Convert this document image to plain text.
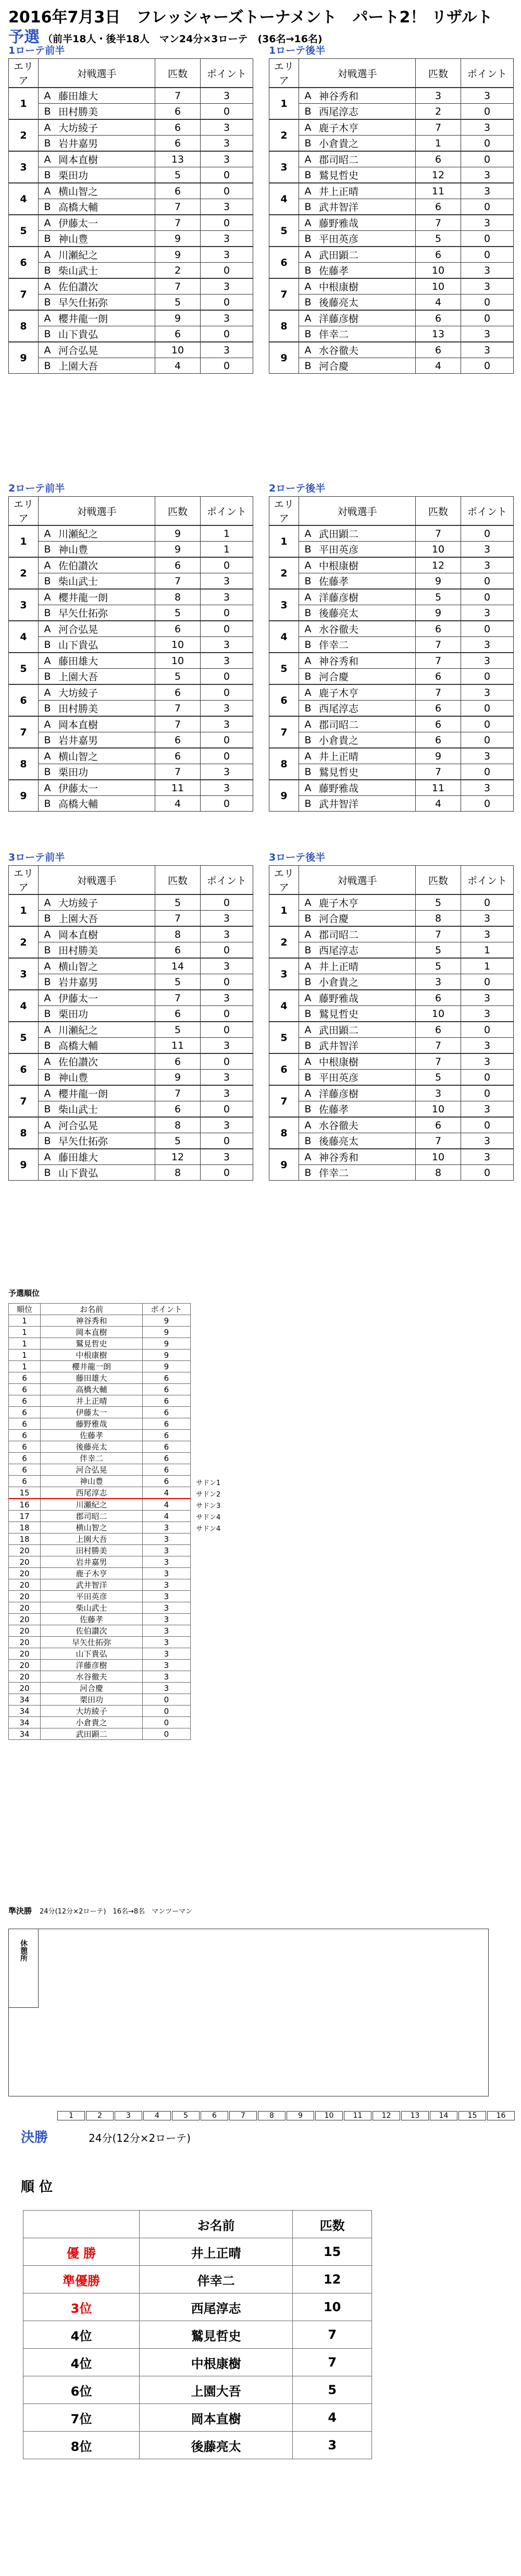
2016年7月3日　フレッシャーズトーナメント　パート2！ リザルト
予選 （前半18人・後半18人　マン24分×3ローテ　(36名→16名)
1ローテ前半
エリア	対戦選手		匹数	ポイント
1	A	藤田雄大	7	3
	B	田村勝美	6	0
2	A	大坊綾子	6	3
	B	岩井嘉男	6	3
3	A	岡本直樹	13	3
	B	栗田功	5	0
4	A	横山智之	6	0
	B	高橋大輔	7	3
5	A	伊藤太一	7	0
	B	神山豊	9	3
6	A	川瀬紀之	9	3
	B	柴山武士	2	0
7	A	佐伯讃次	7	3
	B	早矢仕拓弥	5	0
8	A	櫻井龍一朗	9	3
	B	山下貴弘	6	0
9	A	河合弘晃	10	3
	B	上園大吾	4	0
1ローテ後半
エリア	対戦選手		匹数	ポイント
1	A	神谷秀和	3	3
	B	西尾淳志	2	0
2	A	鹿子木亨	7	3
	B	小倉貴之	1	0
3	A	郡司昭二	6	0
	B	鷲見哲史	12	3
4	A	井上正晴	11	3
	B	武井智洋	6	0
5	A	藤野雅哉	7	3
	B	平田英彦	5	0
6	A	武田顕二	6	0
	B	佐藤孝	10	3
7	A	中根康樹	10	3
	B	後藤亮太	4	0
8	A	洋藤彦樹	6	0
	B	伴幸二	13	3
9	A	水谷徹夫	6	3
	B	河合慶	4	0
2ローテ前半
エリア	対戦選手		匹数	ポイント
1	A	川瀬紀之	9	1
	B	神山豊	9	1
2	A	佐伯讃次	6	0
	B	柴山武士	7	3
3	A	櫻井龍一朗	8	3
	B	早矢仕拓弥	5	0
4	A	河合弘晃	6	0
	B	山下貴弘	10	3
5	A	藤田雄大	10	3
	B	上園大吾	5	0
6	A	大坊綾子	6	0
	B	田村勝美	7	3
7	A	岡本直樹	7	3
	B	岩井嘉男	6	0
8	A	横山智之	6	0
	B	栗田功	7	3
9	A	伊藤太一	11	3
	B	高橋大輔	4	0
2ローテ後半
エリア	対戦選手		匹数	ポイント
1	A	武田顕二	7	0
	B	平田英彦	10	3
2	A	中根康樹	12	3
	B	佐藤孝	9	0
3	A	洋藤彦樹	5	0
	B	後藤亮太	9	3
4	A	水谷徹夫	6	0
	B	伴幸二	7	3
5	A	神谷秀和	7	3
	B	河合慶	6	0
6	A	鹿子木亨	7	3
	B	西尾淳志	6	0
7	A	郡司昭二	6	0
	B	小倉貴之	6	0
8	A	井上正晴	9	3
	B	鷲見哲史	7	0
9	A	藤野雅哉	11	3
	B	武井智洋	4	0
3ローテ前半
エリア	対戦選手		匹数	ポイント
1	A	大坊綾子	5	0
	B	上園大吾	7	3
2	A	岡本直樹	8	3
	B	田村勝美	6	0
3	A	横山智之	14	3
	B	岩井嘉男	5	0
4	A	伊藤太一	7	3
	B	栗田功	6	0
5	A	川瀬紀之	5	0
	B	高橋大輔	11	3
6	A	佐伯讃次	6	0
	B	神山豊	9	3
7	A	櫻井龍一朗	7	3
	B	柴山武士	6	0
8	A	河合弘晃	8	3
	B	早矢仕拓弥	5	0
9	A	藤田雄大	12	3
	B	山下貴弘	8	0
3ローテ後半
エリア	対戦選手		匹数	ポイント
1	A	鹿子木亨	5	0
	B	河合慶	8	3
2	A	郡司昭二	7	3
	B	西尾淳志	5	1
3	A	井上正晴	5	1
	B	小倉貴之	3	0
4	A	藤野雅哉	6	3
	B	鷲見哲史	10	3
5	A	武田顕二	6	0
	B	武井智洋	7	3
6	A	中根康樹	7	3
	B	平田英彦	5	0
7	A	洋藤彦樹	3	0
	B	佐藤孝	10	3
8	A	水谷徹夫	6	0
	B	後藤亮太	7	3
9	A	神谷秀和	10	3
	B	伴幸二	8	0
予選順位
順位	お名前	ポイント
1	神谷秀和	9
1	岡本直樹	9
1	鷲見哲史	9
1	中根康樹	9
1	櫻井龍一朗	9
6	藤田雄大	6
6	高橋大輔	6
6	井上正晴	6
6	伊藤太一	6
6	藤野雅哉	6
6	佐藤孝	6
6	後藤亮太	6
6	伴幸二	6
6	河合弘晃	6
6	神山豊	6
15	西尾淳志	4
16	川瀬紀之	4
17	郡司昭二	4
18	横山智之	3
18	上園大吾	3
20	田村勝美	3
20	岩井嘉男	3
20	鹿子木亨	3
20	武井智洋	3
20	平田英彦	3
20	柴山武士	3
20	佐藤孝	3
20	佐伯讃次	3
20	早矢仕拓弥	3
20	山下貴弘	3
20	洋藤彦樹	3
20	水谷徹夫	3
20	河合慶	3
34	栗田功	0
34	大坊綾子	0
34	小倉貴之	0
34	武田顕二	0
サドン1
サドン2
サドン3
サドン4
サドン4
準決勝　 24分(12分×2ローテ)　16名→8名　マンツーマン
休憩所
1	2	3	4	5	6	7	8	9	10	11	12	13	14	15	16
決勝	24分(12分×2ローテ)
順 位
	お名前	匹数
優 勝	井上正晴	15
準優勝	伴幸二	12
3位	西尾淳志	10
4位	鷲見哲史	7
4位	中根康樹	7
6位	上園大吾	5
7位	岡本直樹	4
8位	後藤亮太	3
